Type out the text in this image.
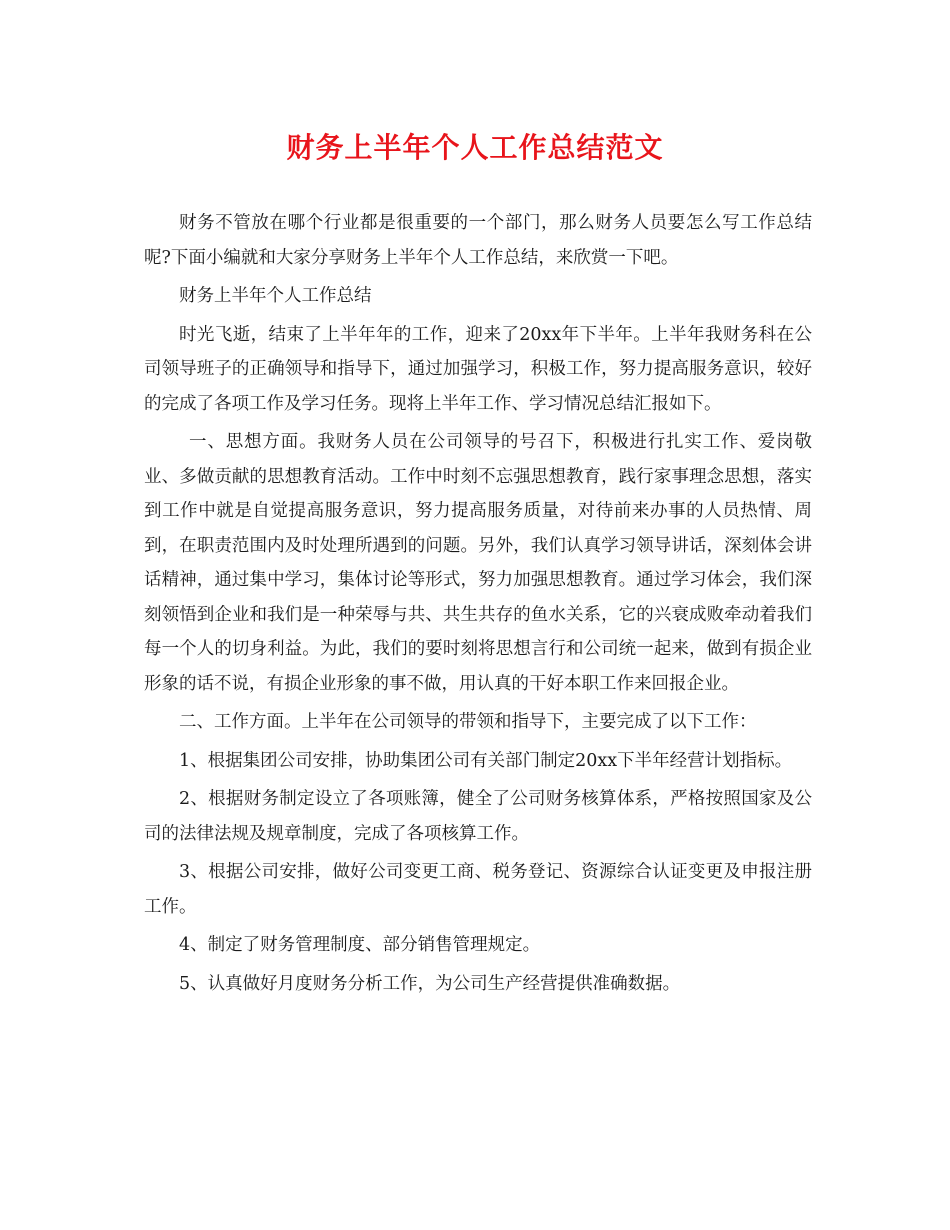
财务上半年个人工作总结范文

财务不管放在哪个行业都是很重要的一个部门，那么财务人员要怎么写工作总结呢?下面小编就和大家分享财务上半年个人工作总结，来欣赏一下吧。

财务上半年个人工作总结

时光飞逝，结束了上半年年的工作，迎来了20xx年下半年。上半年我财务科在公司领导班子的正确领导和指导下，通过加强学习，积极工作，努力提高服务意识，较好的完成了各项工作及学习任务。现将上半年工作、学习情况总结汇报如下。

一、思想方面。我财务人员在公司领导的号召下，积极进行扎实工作、爱岗敬业、多做贡献的思想教育活动。工作中时刻不忘强思想教育，践行家事理念思想，落实到工作中就是自觉提高服务意识，努力提高服务质量，对待前来办事的人员热情、周到，在职责范围内及时处理所遇到的问题。另外，我们认真学习领导讲话，深刻体会讲话精神，通过集中学习，集体讨论等形式，努力加强思想教育。通过学习体会，我们深刻领悟到企业和我们是一种荣辱与共、共生共存的鱼水关系，它的兴衰成败牵动着我们每一个人的切身利益。为此，我们的要时刻将思想言行和公司统一起来，做到有损企业形象的话不说，有损企业形象的事不做，用认真的干好本职工作来回报企业。

二、工作方面。上半年在公司领导的带领和指导下，主要完成了以下工作：

1、根据集团公司安排，协助集团公司有关部门制定20xx下半年经营计划指标。

2、根据财务制定设立了各项账簿，健全了公司财务核算体系，严格按照国家及公司的法律法规及规章制度，完成了各项核算工作。

3、根据公司安排，做好公司变更工商、税务登记、资源综合认证变更及申报注册工作。

4、制定了财务管理制度、部分销售管理规定。

5、认真做好月度财务分析工作，为公司生产经营提供准确数据。
